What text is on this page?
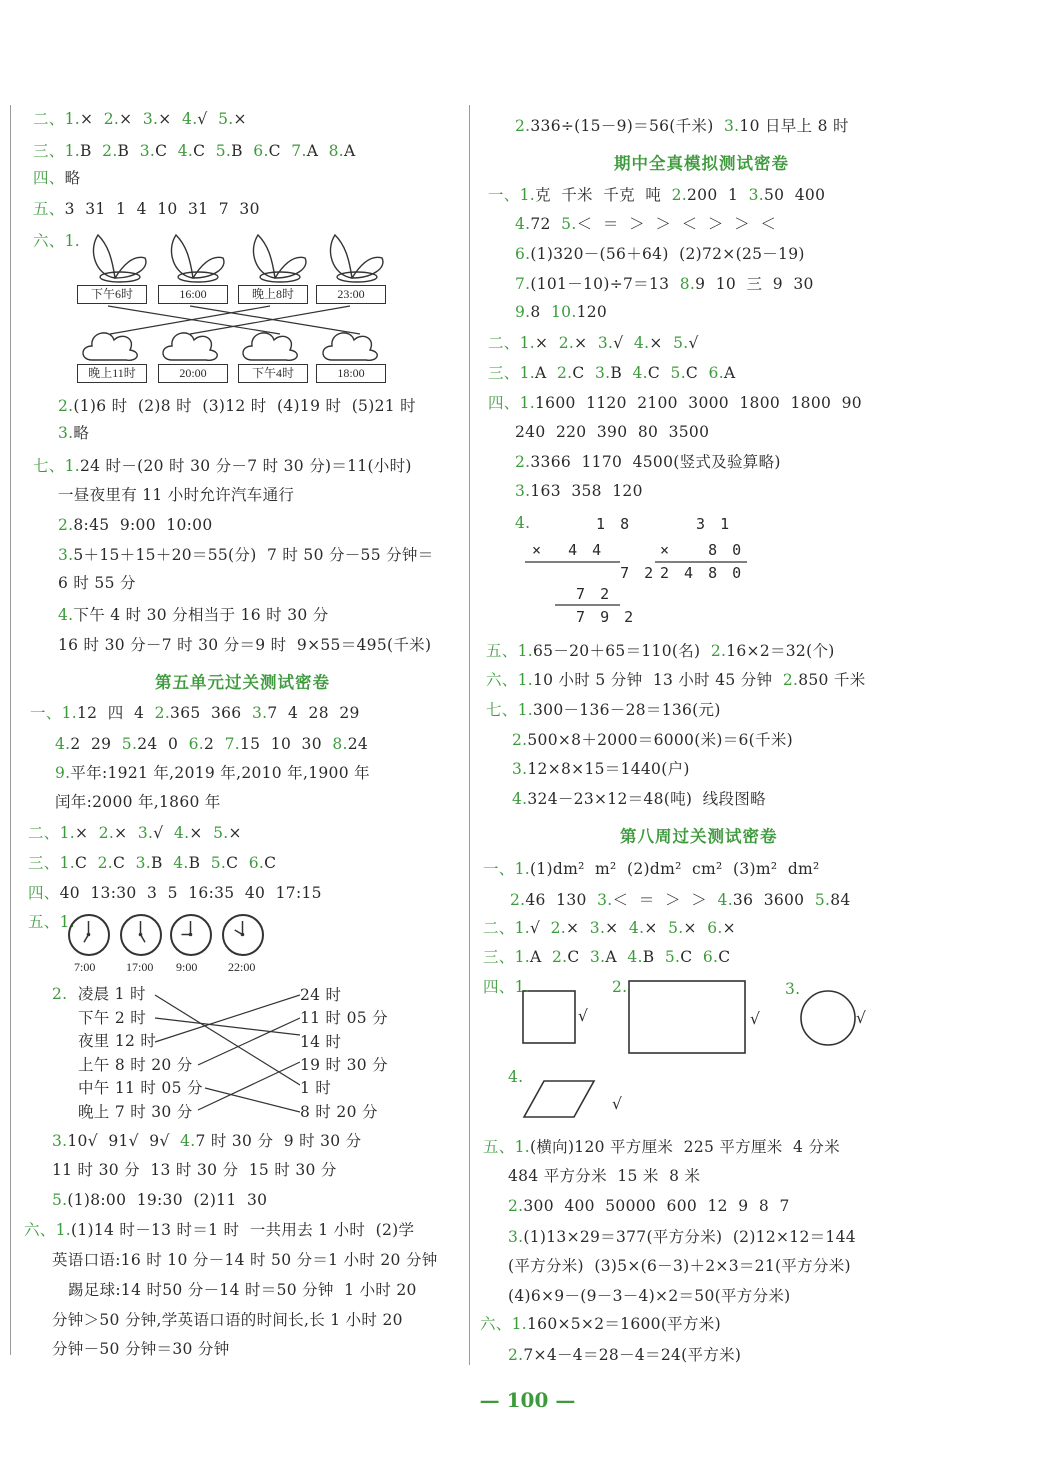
— 100 —
二、1.×  2.×  3.×  4.√  5.×
三、1.B  2.B  3.C  4.C  5.B  6.C  7.A  8.A
四、略
五、3  31  1  4  10  31  7  30
六、1.
2.(1)6 时  (2)8 时  (3)12 时  (4)19 时  (5)21 时
3.略
七、1.24 时－(20 时 30 分－7 时 30 分)＝11(小时)
一昼夜里有 11 小时允许汽车通行
2.8:45  9:00  10:00
3.5＋15＋15＋20＝55(分)  7 时 50 分－55 分钟＝
6 时 55 分
4.下午 4 时 30 分相当于 16 时 30 分
16 时 30 分－7 时 30 分＝9 时  9×55＝495(千米)
一、1.12  四  4  2.365  366  3.7  4  28  29
4.2  29  5.24  0  6.2  7.15  10  30  8.24
9.平年:1921 年,2019 年,2010 年,1900 年
闰年:2000 年,1860 年
二、1.×  2.×  3.√  4.×  5.×
三、1.C  2.C  3.B  4.B  5.C  6.C
四、40  13:30  3  5  16:35  40  17:15
五、1.
3.10√  91√  9√  4.7 时 30 分  9 时 30 分
11 时 30 分  13 时 30 分  15 时 30 分
5.(1)8:00  19:30  (2)11  30
六、1.(1)14 时－13 时＝1 时  一共用去 1 小时  (2)学
英语口语:16 时 10 分－14 时 50 分＝1 小时 20 分钟
踢足球:14 时50 分－14 时＝50 分钟  1 小时 20
分钟＞50 分钟,学英语口语的时间长,长 1 小时 20
分钟－50 分钟＝30 分钟
2.336÷(15－9)＝56(千米)  3.10 日早上 8 时
一、1.克  千米  千克  吨  2.200  1  3.50  400
4.72  5.＜  ＝  ＞  ＞  ＜  ＞  ＞  ＜
6.(1)320－(56＋64)  (2)72×(25－19)
7.(101－10)÷7＝13  8.9  10  三  9  30
9.8  10.120
二、1.×  2.×  3.√  4.×  5.√
三、1.A  2.C  3.B  4.C  5.C  6.A
四、1.1600  1120  2100  3000  1800  1800  90
240  220  390  80  3500
2.3366  1170  4500(竖式及验算略)
3.163  358  120
4.
五、1.65－20＋65＝110(名)  2.16×2＝32(个)
六、1.10 小时 5 分钟  13 小时 45 分钟  2.850 千米
七、1.300－136－28＝136(元)
2.500×8＋2000＝6000(米)＝6(千米)
3.12×8×15＝1440(户)
4.324－23×12＝48(吨)  线段图略
一、1.(1)dm²  m²  (2)dm²  cm²  (3)m²  dm²
2.46  130  3.＜  ＝  ＞  ＞  4.36  3600  5.84
二、1.√  2.×  3.×  4.×  5.×  6.×
三、1.A  2.C  3.A  4.B  5.C  6.C
四、1.
4.
五、1.(横向)120 平方厘米  225 平方厘米  4 分米
484 平方分米  15 米  8 米
2.300  400  50000  600  12  9  8  7
3.(1)13×29＝377(平方分米)  (2)12×12＝144
(平方分米)  (3)5×(6－3)＋2×3＝21(平方分米)
(4)6×9－(9－3－4)×2＝50(平方分米)
六、1.160×5×2＝1600(平方米)
2.7×4－4＝28－4＝24(平方米)
第五单元过关测试密卷
期中全真模拟测试密卷
第八周过关测试密卷
下午6时	16:00	晚上8时	23:00
晚上11时	20:00	下午4时	18:00
7:00	17:00 9:00	22:00
2.  凌晨 1 时
下午 2 时
夜里 12 时
上午 8 时 20 分
中午 11 时 05 分
晚上 7 时 30 分
24 时
11 时 05 分
14 时
19 时 30 分
1 时
8 时 20 分
1 8
×  4 4
7 2
7 2
7 9 2
3 1
×   8 0
2 4 8 0
2.	3.
√	√	√
√
